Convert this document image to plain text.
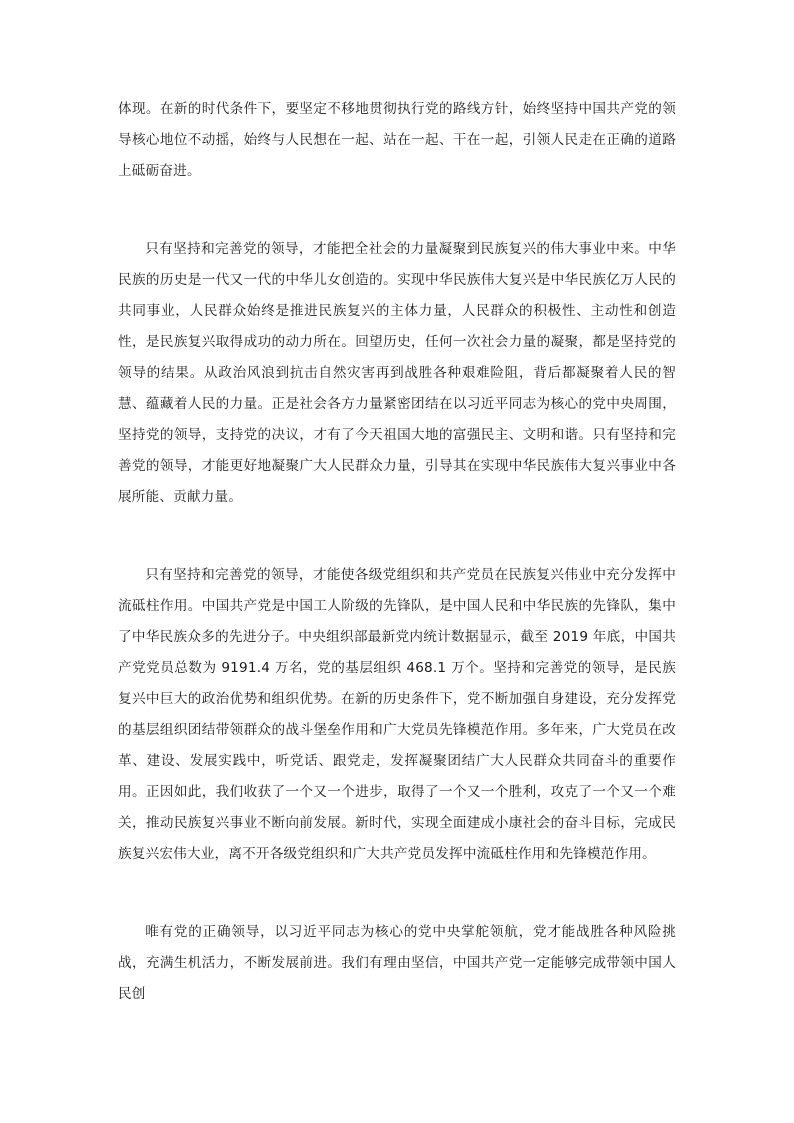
体现。在新的时代条件下，要坚定不移地贯彻执行党的路线方针，始终坚持中国共产党的领导核心地位不动摇，始终与人民想在一起、站在一起、干在一起，引领人民走在正确的道路上砥砺奋进。

只有坚持和完善党的领导，才能把全社会的力量凝聚到民族复兴的伟大事业中来。中华民族的历史是一代又一代的中华儿女创造的。实现中华民族伟大复兴是中华民族亿万人民的共同事业，人民群众始终是推进民族复兴的主体力量，人民群众的积极性、主动性和创造性，是民族复兴取得成功的动力所在。回望历史，任何一次社会力量的凝聚，都是坚持党的领导的结果。从政治风浪到抗击自然灾害再到战胜各种艰难险阻，背后都凝聚着人民的智慧、蕴藏着人民的力量。正是社会各方力量紧密团结在以习近平同志为核心的党中央周围，坚持党的领导，支持党的决议，才有了今天祖国大地的富强民主、文明和谐。只有坚持和完善党的领导，才能更好地凝聚广大人民群众力量，引导其在实现中华民族伟大复兴事业中各展所能、贡献力量。

只有坚持和完善党的领导，才能使各级党组织和共产党员在民族复兴伟业中充分发挥中流砥柱作用。中国共产党是中国工人阶级的先锋队，是中国人民和中华民族的先锋队，集中了中华民族众多的先进分子。中央组织部最新党内统计数据显示，截至 2019 年底，中国共产党党员总数为 9191.4 万名，党的基层组织 468.1 万个。坚持和完善党的领导，是民族复兴中巨大的政治优势和组织优势。在新的历史条件下，党不断加强自身建设，充分发挥党的基层组织团结带领群众的战斗堡垒作用和广大党员先锋模范作用。多年来，广大党员在改革、建设、发展实践中，听党话、跟党走，发挥凝聚团结广大人民群众共同奋斗的重要作用。正因如此，我们收获了一个又一个进步，取得了一个又一个胜利，攻克了一个又一个难关，推动民族复兴事业不断向前发展。新时代，实现全面建成小康社会的奋斗目标，完成民族复兴宏伟大业，离不开各级党组织和广大共产党员发挥中流砥柱作用和先锋模范作用。

唯有党的正确领导，以习近平同志为核心的党中央掌舵领航，党才能战胜各种风险挑战，充满生机活力，不断发展前进。我们有理由坚信，中国共产党一定能够完成带领中国人民创
